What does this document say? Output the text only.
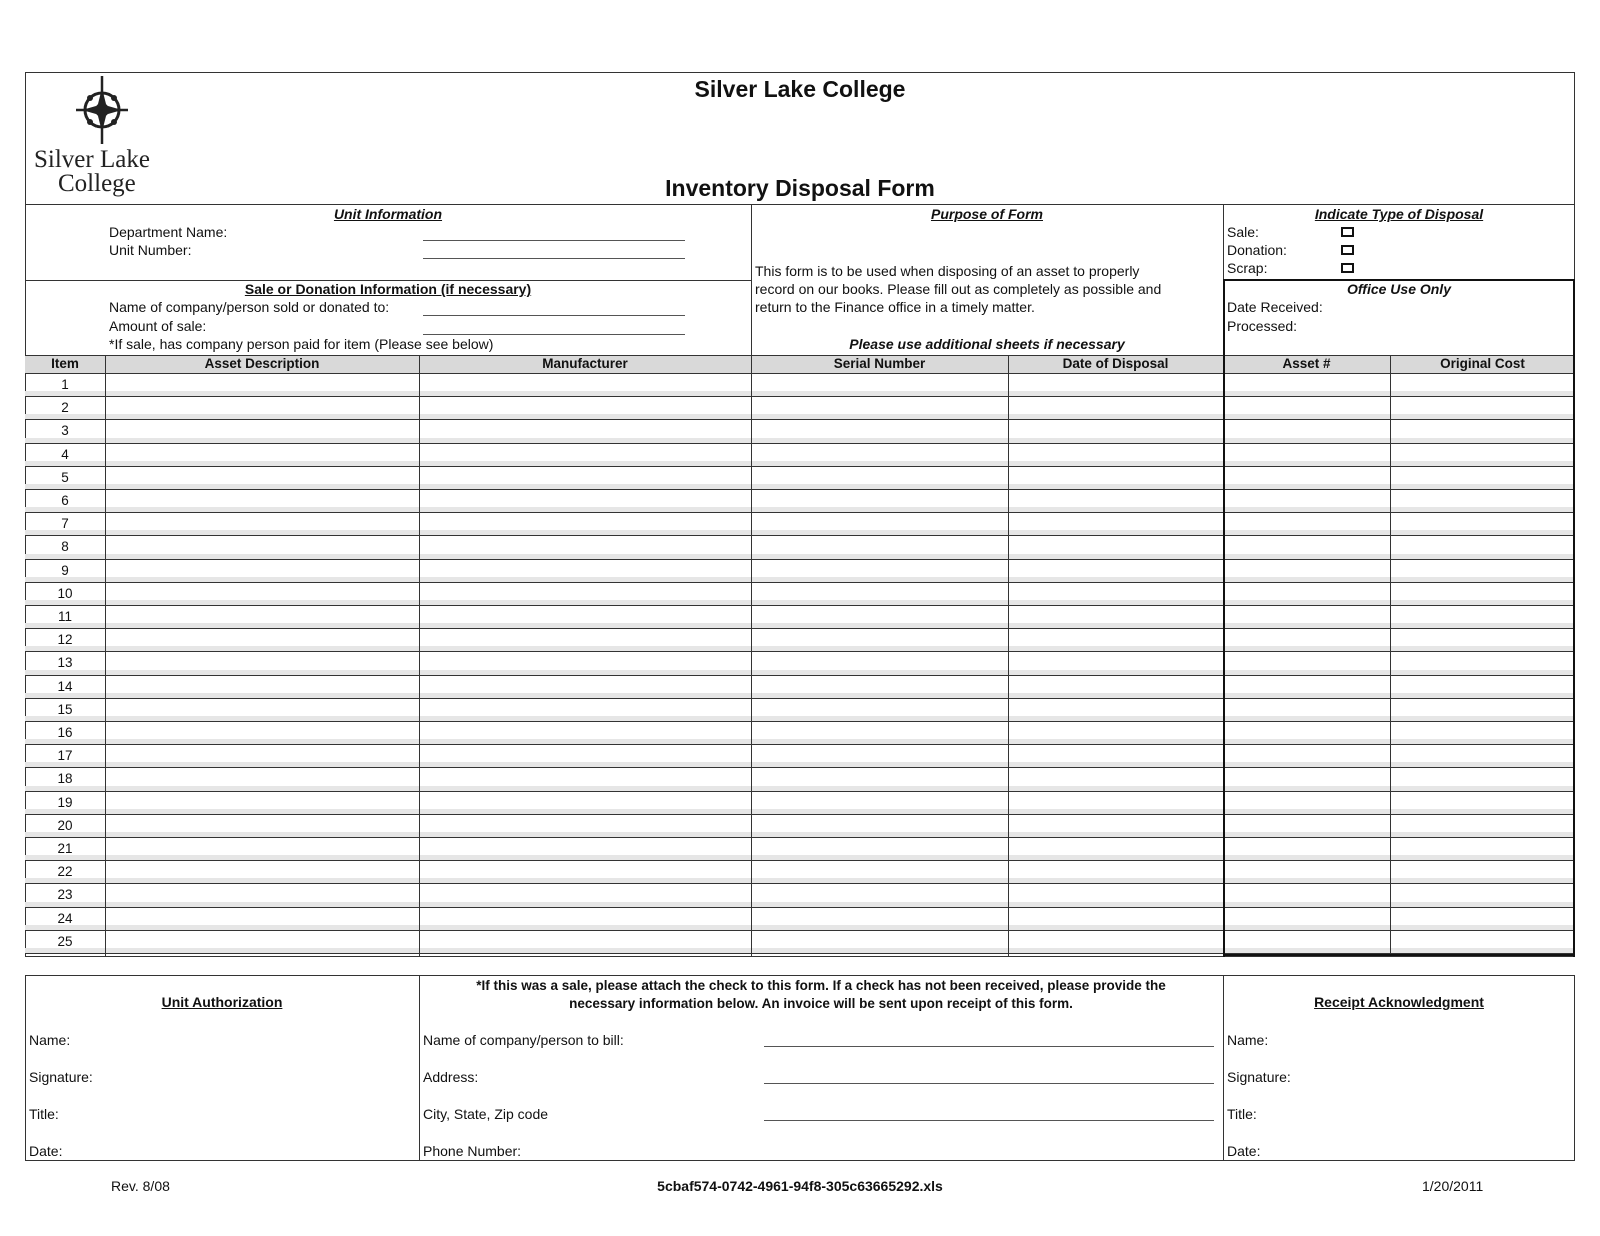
Silver Lake
College
Silver Lake College
Inventory Disposal Form
Unit Information
Department Name:
Unit Number:
Sale or Donation Information (if necessary)
Name of company/person sold or donated to:
Amount of sale:
*If sale, has company person paid for item (Please see below)
Purpose of Form
This form is to be used when disposing of an asset to properly
record on our books. Please fill out as completely as possible and
return to the Finance office in a timely matter.
Please use additional sheets if necessary
Indicate Type of Disposal
Sale:
Donation:
Scrap:
Office Use Only
Date Received:
Processed:
Item	Asset Description	Manufacturer	Serial Number	Date of Disposal	Asset #	Original Cost
1
2
3
4
5
6
7
8
9
10
11
12
13
14
15
16
17
18
19
20
21
22
23
24
25
Unit Authorization
Name:
Signature:
Title:
Date:
*If this was a sale, please attach the check to this form. If a check has not been received, please provide the
necessary information below. An invoice will be sent upon receipt of this form.
Name of company/person to bill:
Address:
City, State, Zip code
Phone Number:
Receipt Acknowledgment
Name:
Signature:
Title:
Date:
Rev. 8/08	5cbaf574-0742-4961-94f8-305c63665292.xls	1/20/2011
